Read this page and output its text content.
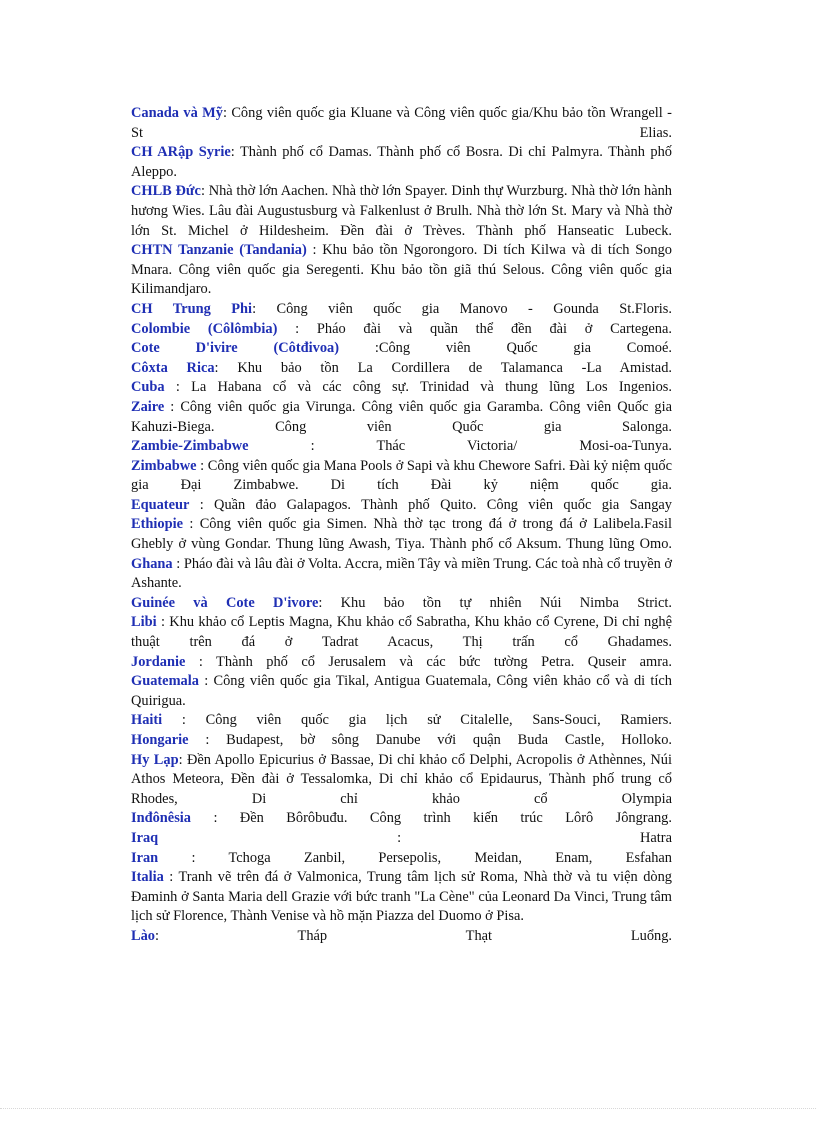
Canada và Mỹ: Công viên quốc gia Kluane và Công viên quốc gia/Khu bảo tồn Wrangell - St Elias.

CH ARập Syrie: Thành phố cổ Damas. Thành phố cổ Bosra. Di chỉ Palmyra. Thành phố Aleppo.

CHLB Đức: Nhà thờ lớn Aachen. Nhà thờ lớn Spayer. Dinh thự Wurzburg. Nhà thờ lớn hành hương Wies. Lâu đài Augustusburg và Falkenlust ở Brulh. Nhà thờ lớn St. Mary và Nhà thờ lớn St. Michel ở Hildesheim. Đền đài ở Trèves. Thành phố Hanseatic Lubeck.

CHTN Tanzanie (Tandania) : Khu bảo tồn Ngorongoro. Di tích Kilwa và di tích Songo Mnara. Công viên quốc gia Seregenti. Khu bảo tồn giã thú Selous. Công viên quốc gia Kilimandjaro.

CH Trung Phi: Công viên quốc gia Manovo - Gounda St.Floris.

Colombie (Côlômbia) : Pháo đài và quần thể đền đài ở Cartegena.

Cote D'ivire (Côtđivoa) :Công viên Quốc gia Comoé.

Côxta Rica: Khu bảo tồn La Cordillera de Talamanca -La Amistad.

Cuba : La Habana cổ và các công sự. Trinidad và thung lũng Los Ingenios.

Zaire : Công viên quốc gia Virunga. Công viên quốc gia Garamba. Công viên Quốc gia Kahuzi-Biega. Công viên Quốc gia Salonga.

Zambie-Zimbabwe : Thác Victoria/ Mosi-oa-Tunya.

Zimbabwe : Công viên quốc gia Mana Pools ở Sapi và khu Chewore Safri. Đài kỷ niệm quốc gia Đại Zimbabwe. Di tích Đài kỷ niệm quốc gia.

Equateur : Quần đảo Galapagos. Thành phố Quito. Công viên quốc gia Sangay

Ethiopie : Công viên quốc gia Simen. Nhà thờ tạc trong đá ở trong đá ở Lalibela.Fasil Ghebly ở vùng Gondar. Thung lũng Awash, Tiya. Thành phố cổ Aksum. Thung lũng Omo.

Ghana : Pháo đài và lâu đài ở Volta. Accra, miền Tây và miền Trung. Các toà nhà cổ truyền ở Ashante.

Guinée và Cote D'ivore: Khu bảo tồn tự nhiên Núi Nimba Strict.

Libi : Khu khảo cổ Leptis Magna, Khu khảo cổ Sabratha, Khu khảo cổ Cyrene, Di chỉ nghệ thuật trên đá ở Tadrat Acacus, Thị trấn cổ Ghadames.

Jordanie : Thành phố cổ Jerusalem và các bức tường Petra. Quseir amra.

Guatemala : Công viên quốc gia Tikal, Antigua Guatemala, Công viên khảo cổ và di tích Quirigua.

Haiti : Công viên quốc gia lịch sử Citalelle, Sans-Souci, Ramiers.

Hongarie : Budapest, bờ sông Danube với quận Buda Castle, Holloko.

Hy Lạp: Đền Apollo Epicurius ở Bassae, Di chỉ khảo cổ Delphi, Acropolis ở Athènnes, Núi Athos Meteora, Đền đài ở Tessalomka, Di chỉ khảo cổ Epidaurus, Thành phố trung cổ Rhodes, Di chỉ khảo cổ Olympia

Inđônêsia : Đền Bôrôbuđu. Công trình kiến trúc Lôrô Jôngrang.

Iraq : Hatra

Iran : Tchoga Zanbil, Persepolis, Meidan, Enam, Esfahan

Italia : Tranh vẽ trên đá ở Valmonica, Trung tâm lịch sử Roma, Nhà thờ và tu viện dòng Đaminh ở Santa Maria dell Grazie với bức tranh "La Cène" của Leonard Da Vinci, Trung tâm lịch sử Florence, Thành Venise và hồ mặn Piazza del Duomo ở Pisa.

Lào: Tháp Thạt Luổng.
